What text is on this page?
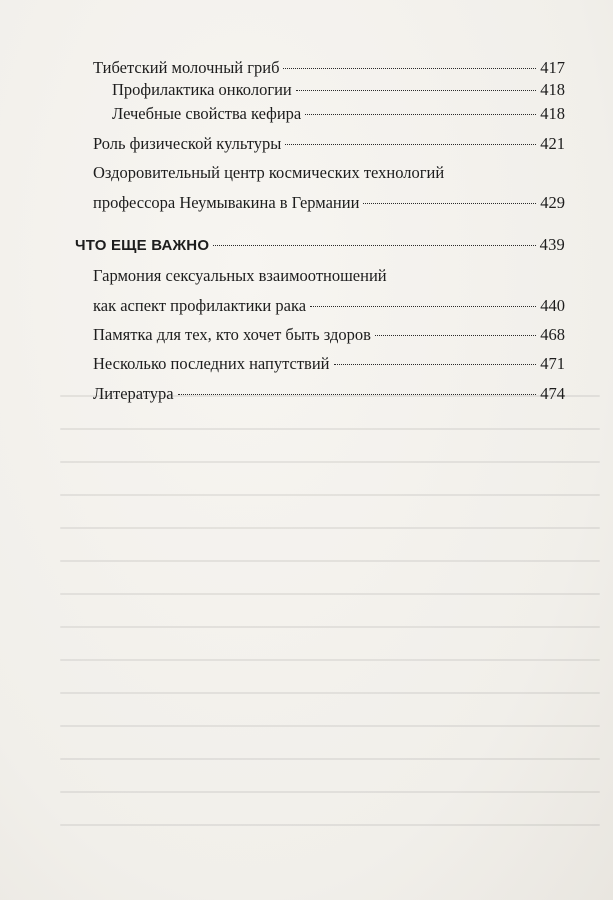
Тибетский молочный гриб	417
Профилактика онкологии	418
Лечебные свойства кефира	418
Роль физической культуры	421
Оздоровительный центр космических технологий
профессора Неумывакина в Германии	429
ЧТО ЕЩЕ ВАЖНО	439
Гармония сексуальных взаимоотношений
как аспект профилактики рака	440
Памятка для тех, кто хочет быть здоров	468
Несколько последних напутствий	471
Литература	474
